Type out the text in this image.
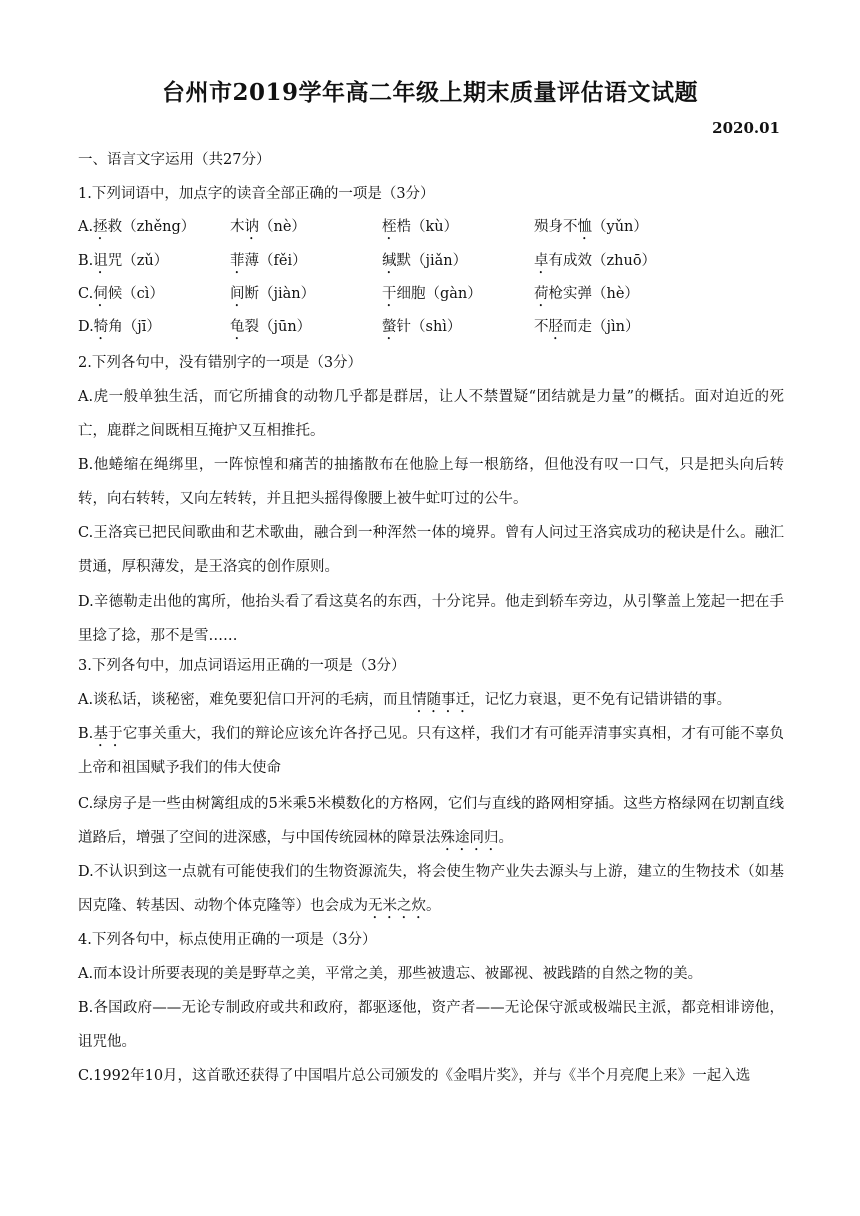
台州市2019学年高二年级上期末质量评估语文试题
2020.01
一、语言文字运用（共27分）
1.下列词语中，加点字的读音全部正确的一项是（3分）
A.拯救（zhěng） 木讷（nè）	桎梏（kù）	殒身不恤（yǔn）
B.诅咒（zǔ）	菲薄（fěi）	缄默（jiǎn）	卓有成效（zhuō）
C.伺候（cì）	间断（jiàn）	干细胞（gàn）	荷枪实弹（hè）
D.犄角（jī）	龟裂（jūn）	螫针（shì）	不胫而走（jìn）
2.下列各句中，没有错别字的一项是（3分）
A.虎一般单独生活，而它所捕食的动物几乎都是群居，让人不禁置疑“团结就是力量”的概括。面对迫近的死亡，鹿群之间既相互掩护又互相推托。
B.他蜷缩在绳绑里，一阵惊惶和痛苦的抽搐散布在他脸上每一根筋络，但他没有叹一口气，只是把头向后转转，向右转转，又向左转转，并且把头摇得像腰上被牛虻叮过的公牛。
C.王洛宾已把民间歌曲和艺术歌曲，融合到一种浑然一体的境界。曾有人问过王洛宾成功的秘诀是什么。融汇贯通，厚积薄发，是王洛宾的创作原则。
D.辛德勒走出他的寓所，他抬头看了看这莫名的东西，十分诧异。他走到轿车旁边，从引擎盖上笼起一把在手里捻了捻，那不是雪……
3.下列各句中，加点词语运用正确的一项是（3分）
A.谈私话，谈秘密，难免要犯信口开河的毛病，而且情随事迁，记忆力衰退，更不免有记错讲错的事。
B.基于它事关重大，我们的辩论应该允许各抒己见。只有这样，我们才有可能弄清事实真相，才有可能不辜负上帝和祖国赋予我们的伟大使命
C.绿房子是一些由树篱组成的5米乘5米模数化的方格网，它们与直线的路网相穿插。这些方格绿网在切割直线道路后，增强了空间的进深感，与中国传统园林的障景法殊途同归。
D.不认识到这一点就有可能使我们的生物资源流失，将会使生物产业失去源头与上游，建立的生物技术（如基因克隆、转基因、动物个体克隆等）也会成为无米之炊。
4.下列各句中，标点使用正确的一项是（3分）
A.而本设计所要表现的美是野草之美，平常之美，那些被遗忘、被鄙视、被践踏的自然之物的美。
B.各国政府——无论专制政府或共和政府，都驱逐他，资产者——无论保守派或极端民主派，都竞相诽谤他，诅咒他。
C.1992年10月，这首歌还获得了中国唱片总公司颁发的《金唱片奖》，并与《半个月亮爬上来》一起入选
